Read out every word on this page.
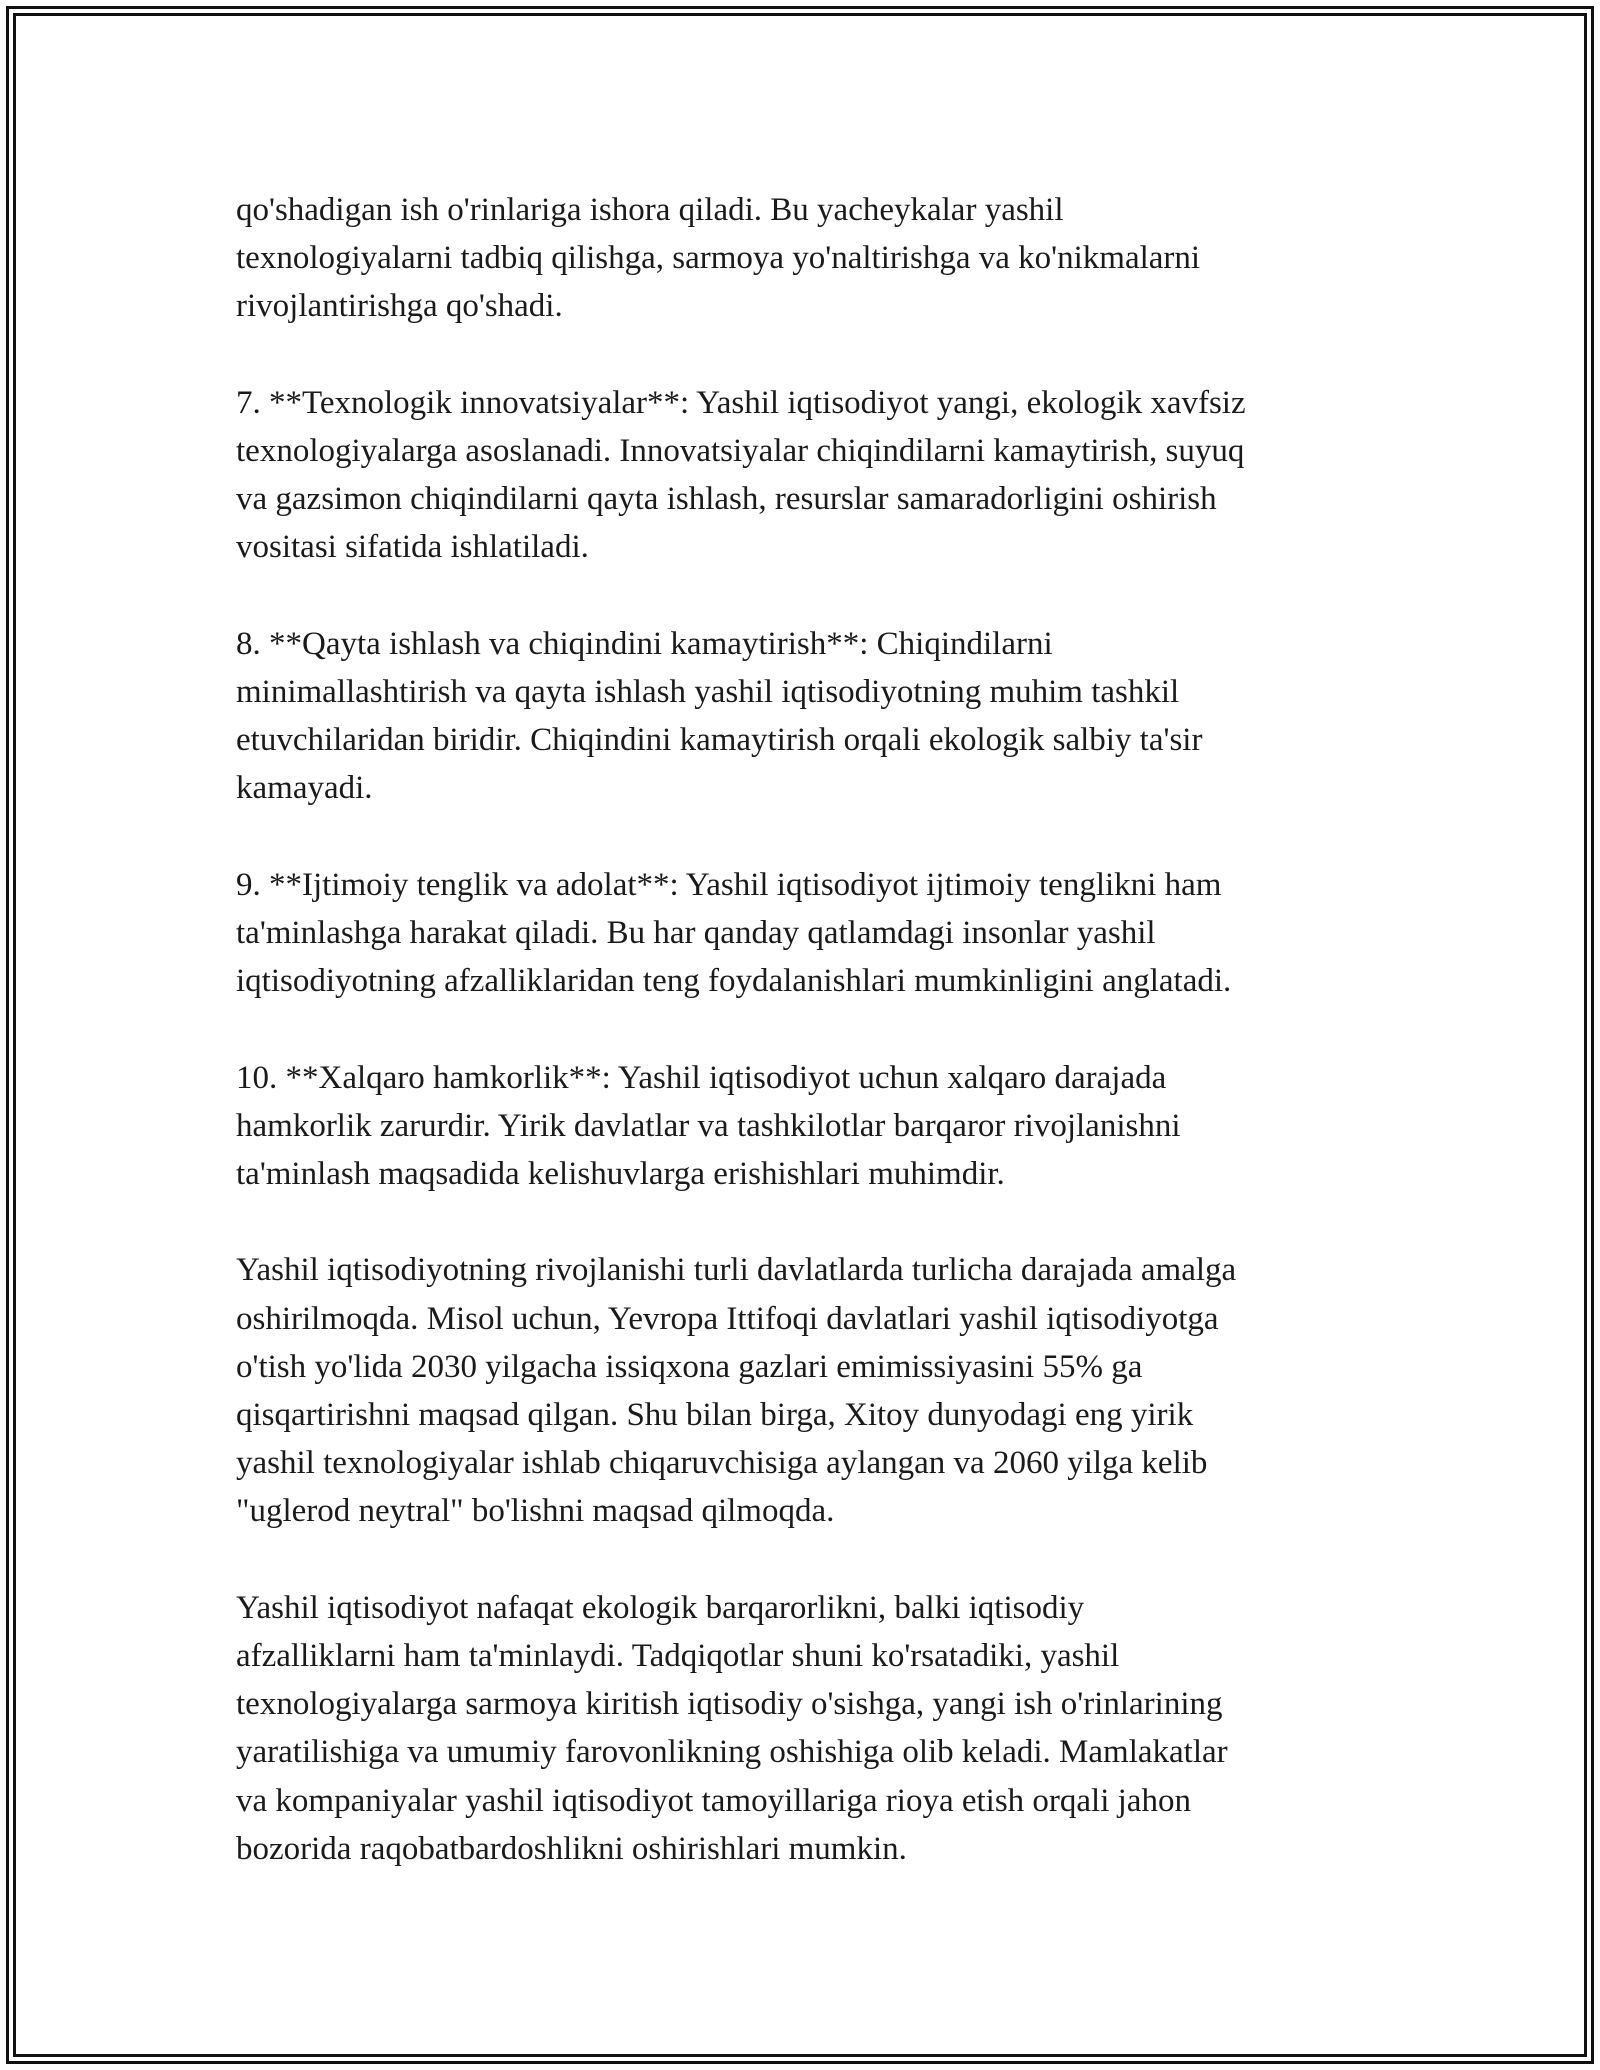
qo'shadigan ish o'rinlariga ishora qiladi. Bu yacheykalar yashil
texnologiyalarni tadbiq qilishga, sarmoya yo'naltirishga va ko'nikmalarni
rivojlantirishga qo'shadi.
7. **Texnologik innovatsiyalar**: Yashil iqtisodiyot yangi, ekologik xavfsiz
texnologiyalarga asoslanadi. Innovatsiyalar chiqindilarni kamaytirish, suyuq
va gazsimon chiqindilarni qayta ishlash, resurslar samaradorligini oshirish
vositasi sifatida ishlatiladi.
8. **Qayta ishlash va chiqindini kamaytirish**: Chiqindilarni
minimallashtirish va qayta ishlash yashil iqtisodiyotning muhim tashkil
etuvchilaridan biridir. Chiqindini kamaytirish orqali ekologik salbiy ta'sir
kamayadi.
9. **Ijtimoiy tenglik va adolat**: Yashil iqtisodiyot ijtimoiy tenglikni ham
ta'minlashga harakat qiladi. Bu har qanday qatlamdagi insonlar yashil
iqtisodiyotning afzalliklaridan teng foydalanishlari mumkinligini anglatadi.
10. **Xalqaro hamkorlik**: Yashil iqtisodiyot uchun xalqaro darajada
hamkorlik zarurdir. Yirik davlatlar va tashkilotlar barqaror rivojlanishni
ta'minlash maqsadida kelishuvlarga erishishlari muhimdir.
Yashil iqtisodiyotning rivojlanishi turli davlatlarda turlicha darajada amalga
oshirilmoqda. Misol uchun, Yevropa Ittifoqi davlatlari yashil iqtisodiyotga
o'tish yo'lida 2030 yilgacha issiqxona gazlari emimissiyasini 55% ga
qisqartirishni maqsad qilgan. Shu bilan birga, Xitoy dunyodagi eng yirik
yashil texnologiyalar ishlab chiqaruvchisiga aylangan va 2060 yilga kelib
"uglerod neytral" bo'lishni maqsad qilmoqda.
Yashil iqtisodiyot nafaqat ekologik barqarorlikni, balki iqtisodiy
afzalliklarni ham ta'minlaydi. Tadqiqotlar shuni ko'rsatadiki, yashil
texnologiyalarga sarmoya kiritish iqtisodiy o'sishga, yangi ish o'rinlarining
yaratilishiga va umumiy farovonlikning oshishiga olib keladi. Mamlakatlar
va kompaniyalar yashil iqtisodiyot tamoyillariga rioya etish orqali jahon
bozorida raqobatbardoshlikni oshirishlari mumkin.
